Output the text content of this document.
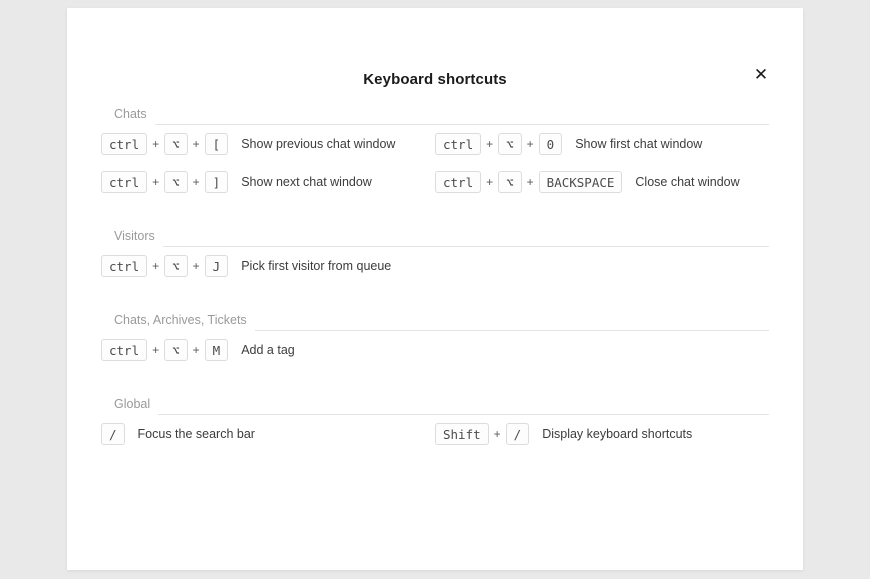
✕
Keyboard shortcuts
Chats
ctrl	+	⌥	+	[	Show previous chat window	ctrl	+	⌥	+	0	Show first chat window
ctrl	+	⌥	+	]	Show next chat window	ctrl	+	⌥	+	BACKSPACE	Close chat window
Visitors
ctrl	+	⌥	+	J	Pick first visitor from queue
Chats, Archives, Tickets
ctrl	+	⌥	+	M	Add a tag
Global
/	Focus the search bar	Shift	+	/	Display keyboard shortcuts
